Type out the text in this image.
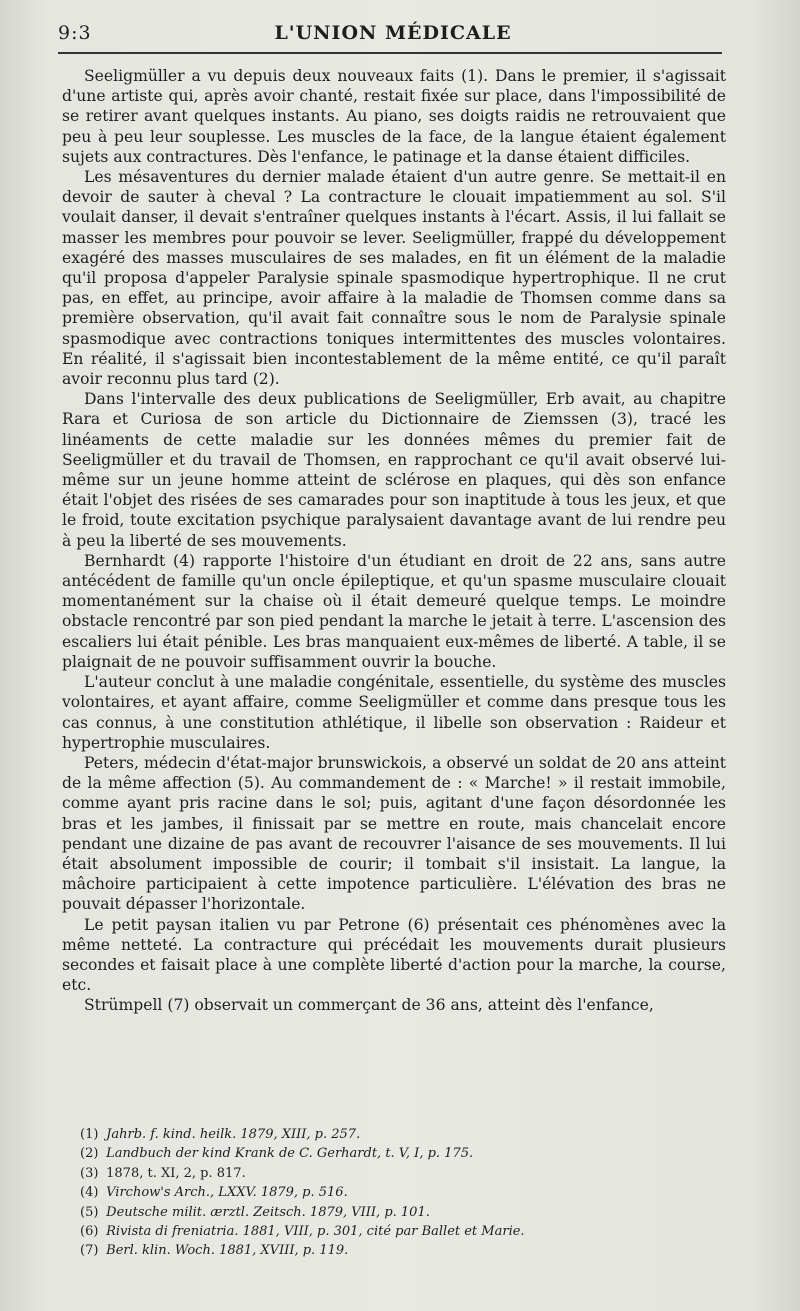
9:3	L'UNION MÉDICALE

Seeligmüller a vu depuis deux nouveaux faits (1). Dans le premier, il s'agissait d'une artiste qui, après avoir chanté, restait fixée sur place, dans l'impossibilité de se retirer avant quelques instants. Au piano, ses doigts raidis ne retrouvaient que peu à peu leur souplesse. Les muscles de la face, de la langue étaient également sujets aux contractures. Dès l'enfance, le patinage et la danse étaient difficiles.

Les mésaventures du dernier malade étaient d'un autre genre. Se mettait-il en devoir de sauter à cheval ? La contracture le clouait impatiemment au sol. S'il voulait danser, il devait s'entraîner quelques instants à l'écart. Assis, il lui fallait se masser les membres pour pouvoir se lever. Seeligmüller, frappé du développement exagéré des masses musculaires de ses malades, en fit un élément de la maladie qu'il proposa d'appeler Paralysie spinale spasmodique hypertrophique. Il ne crut pas, en effet, au principe, avoir affaire à la maladie de Thomsen comme dans sa première observation, qu'il avait fait connaître sous le nom de Paralysie spinale spasmodique avec contractions toniques intermittentes des muscles volontaires. En réalité, il s'agissait bien incontestablement de la même entité, ce qu'il paraît avoir reconnu plus tard (2).

Dans l'intervalle des deux publications de Seeligmüller, Erb avait, au chapitre Rara et Curiosa de son article du Dictionnaire de Ziemssen (3), tracé les linéaments de cette maladie sur les données mêmes du premier fait de Seeligmüller et du travail de Thomsen, en rapprochant ce qu'il avait observé lui-même sur un jeune homme atteint de sclérose en plaques, qui dès son enfance était l'objet des risées de ses camarades pour son inaptitude à tous les jeux, et que le froid, toute excitation psychique paralysaient davantage avant de lui rendre peu à peu la liberté de ses mouvements.

Bernhardt (4) rapporte l'histoire d'un étudiant en droit de 22 ans, sans autre antécédent de famille qu'un oncle épileptique, et qu'un spasme musculaire clouait momentanément sur la chaise où il était demeuré quelque temps. Le moindre obstacle rencontré par son pied pendant la marche le jetait à terre. L'ascension des escaliers lui était pénible. Les bras manquaient eux-mêmes de liberté. A table, il se plaignait de ne pouvoir suffisamment ouvrir la bouche.

L'auteur conclut à une maladie congénitale, essentielle, du système des muscles volontaires, et ayant affaire, comme Seeligmüller et comme dans presque tous les cas connus, à une constitution athlétique, il libelle son observation : Raideur et hypertrophie musculaires.

Peters, médecin d'état-major brunswickois, a observé un soldat de 20 ans atteint de la même affection (5). Au commandement de : « Marche! » il restait immobile, comme ayant pris racine dans le sol; puis, agitant d'une façon désordonnée les bras et les jambes, il finissait par se mettre en route, mais chancelait encore pendant une dizaine de pas avant de recouvrer l'aisance de ses mouvements. Il lui était absolument impossible de courir; il tombait s'il insistait. La langue, la mâchoire participaient à cette impotence particulière. L'élévation des bras ne pouvait dépasser l'horizontale.

Le petit paysan italien vu par Petrone (6) présentait ces phénomènes avec la même netteté. La contracture qui précédait les mouvements durait plusieurs secondes et faisait place à une complète liberté d'action pour la marche, la course, etc.

Strümpell (7) observait un commerçant de 36 ans, atteint dès l'enfance,

(1) Jahrb. f. kind. heilk. 1879, XIII, p. 257.
(2) Landbuch der kind Krank de C. Gerhardt, t. V, I, p. 175.
(3) 1878, t. XI, 2, p. 817.
(4) Virchow's Arch., LXXV. 1879, p. 516.
(5) Deutsche milit. ærztl. Zeitsch. 1879, VIII, p. 101.
(6) Rivista di freniatria. 1881, VIII, p. 301, cité par Ballet et Marie.
(7) Berl. klin. Woch. 1881, XVIII, p. 119.
